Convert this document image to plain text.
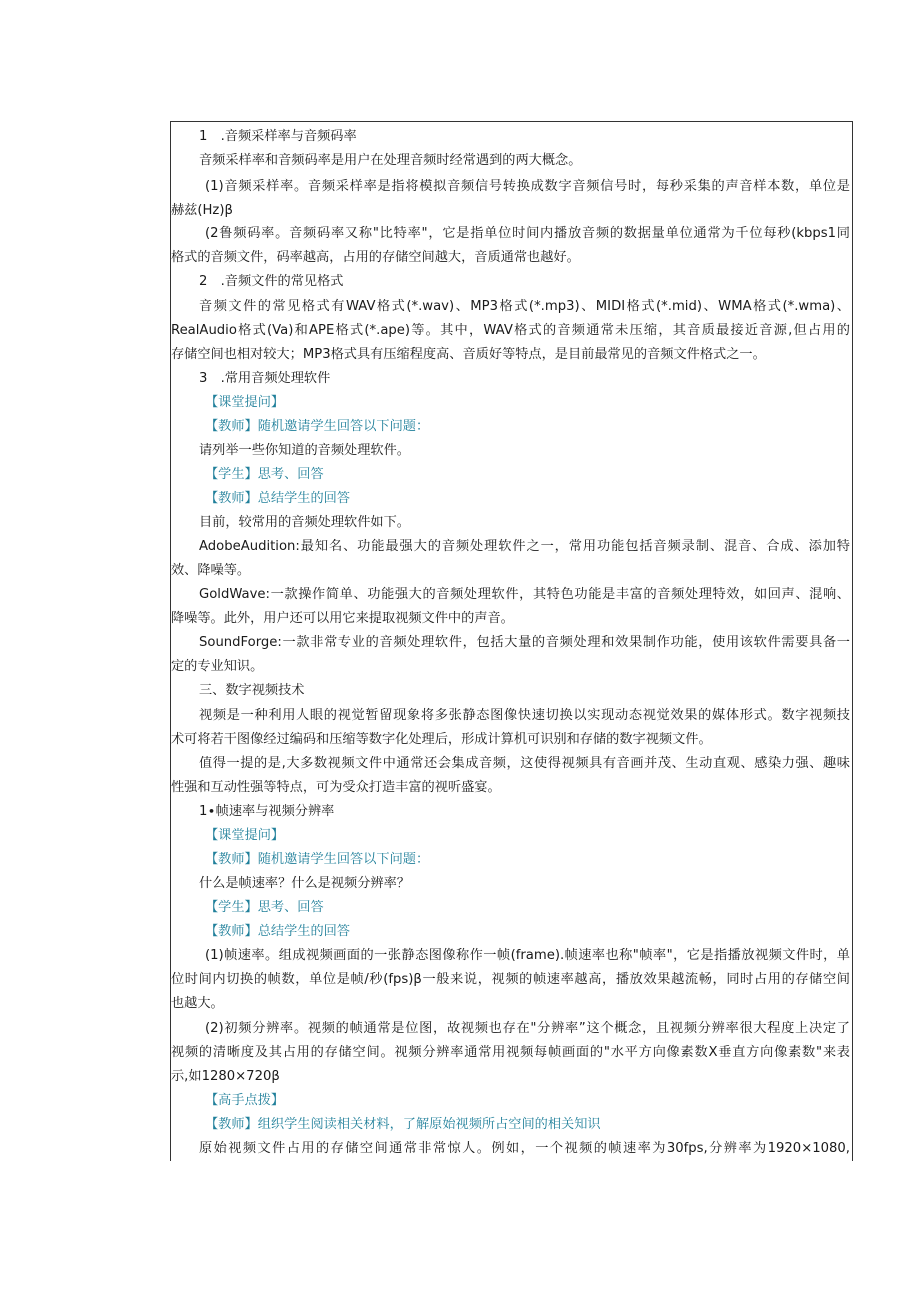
1　.音频采样率与音频码率
音频采样率和音频码率是用户在处理音频时经常遇到的两大概念。
(1)音频采样率。音频采样率是指将模拟音频信号转换成数字音频信号时，每秒采集的声音样本数，单位是
赫兹(Hz)β
(2鲁频码率。音频码率又称"比特率"，它是指单位时间内播放音频的数据量单位通常为千位每秒(kbps1同
格式的音频文件，码率越高，占用的存储空间越大，音质通常也越好。
2　.音频文件的常见格式
音频文件的常见格式有WAV格式(*.wav)、MP3格式(*.mp3)、MIDI格式(*.mid)、WMA格式(*.wma)、
RealAudio格式(Va)和APE格式(*.ape)等。其中，WAV格式的音频通常未压缩，其音质最接近音源,但占用的
存储空间也相对较大；MP3格式具有压缩程度高、音质好等特点，是目前最常见的音频文件格式之一。
3　.常用音频处理软件
【课堂提问】
【教师】随机邀请学生回答以下问题：
请列举一些你知道的音频处理软件。
【学生】思考、回答
【教师】总结学生的回答
目前，较常用的音频处理软件如下。
AdobeAudition:最知名、功能最强大的音频处理软件之一，常用功能包括音频录制、混音、合成、添加特
效、降噪等。
GoldWave:一款操作简单、功能强大的音频处理软件，其特色功能是丰富的音频处理特效，如回声、混响、
降噪等。此外，用户还可以用它来提取视频文件中的声音。
SoundForge:一款非常专业的音频处理软件，包括大量的音频处理和效果制作功能，使用该软件需要具备一
定的专业知识。
三、数字视频技术
视频是一种利用人眼的视觉暂留现象将多张静态图像快速切换以实现动态视觉效果的媒体形式。数字视频技
术可将若干图像经过编码和压缩等数字化处理后，形成计算机可识别和存储的数字视频文件。
值得一提的是,大多数视频文件中通常还会集成音频，这使得视频具有音画并茂、生动直观、感染力强、趣味
性强和互动性强等特点，可为受众打造丰富的视听盛宴。
1∙帧速率与视频分辨率
【课堂提问】
【教师】随机邀请学生回答以下问题：
什么是帧速率？什么是视频分辨率？
【学生】思考、回答
【教师】总结学生的回答
(1)帧速率。组成视频画面的一张静态图像称作一帧(frame).帧速率也称"帧率"，它是指播放视频文件时，单
位时间内切换的帧数，单位是帧/秒(fps)β一般来说，视频的帧速率越高，播放效果越流畅，同时占用的存储空间
也越大。
(2)初频分辨率。视频的帧通常是位图，故视频也存在"分辨率”这个概念，且视频分辨率很大程度上决定了
视频的清晰度及其占用的存储空间。视频分辨率通常用视频每帧画面的"水平方向像素数X垂直方向像素数"来表
示,如1280×720β
【高手点拨】
【教师】组织学生阅读相关材料，了解原始视频所占空间的相关知识
原始视频文件占用的存储空间通常非常惊人。例如，一个视频的帧速率为30fps,分辨率为1920×1080,
